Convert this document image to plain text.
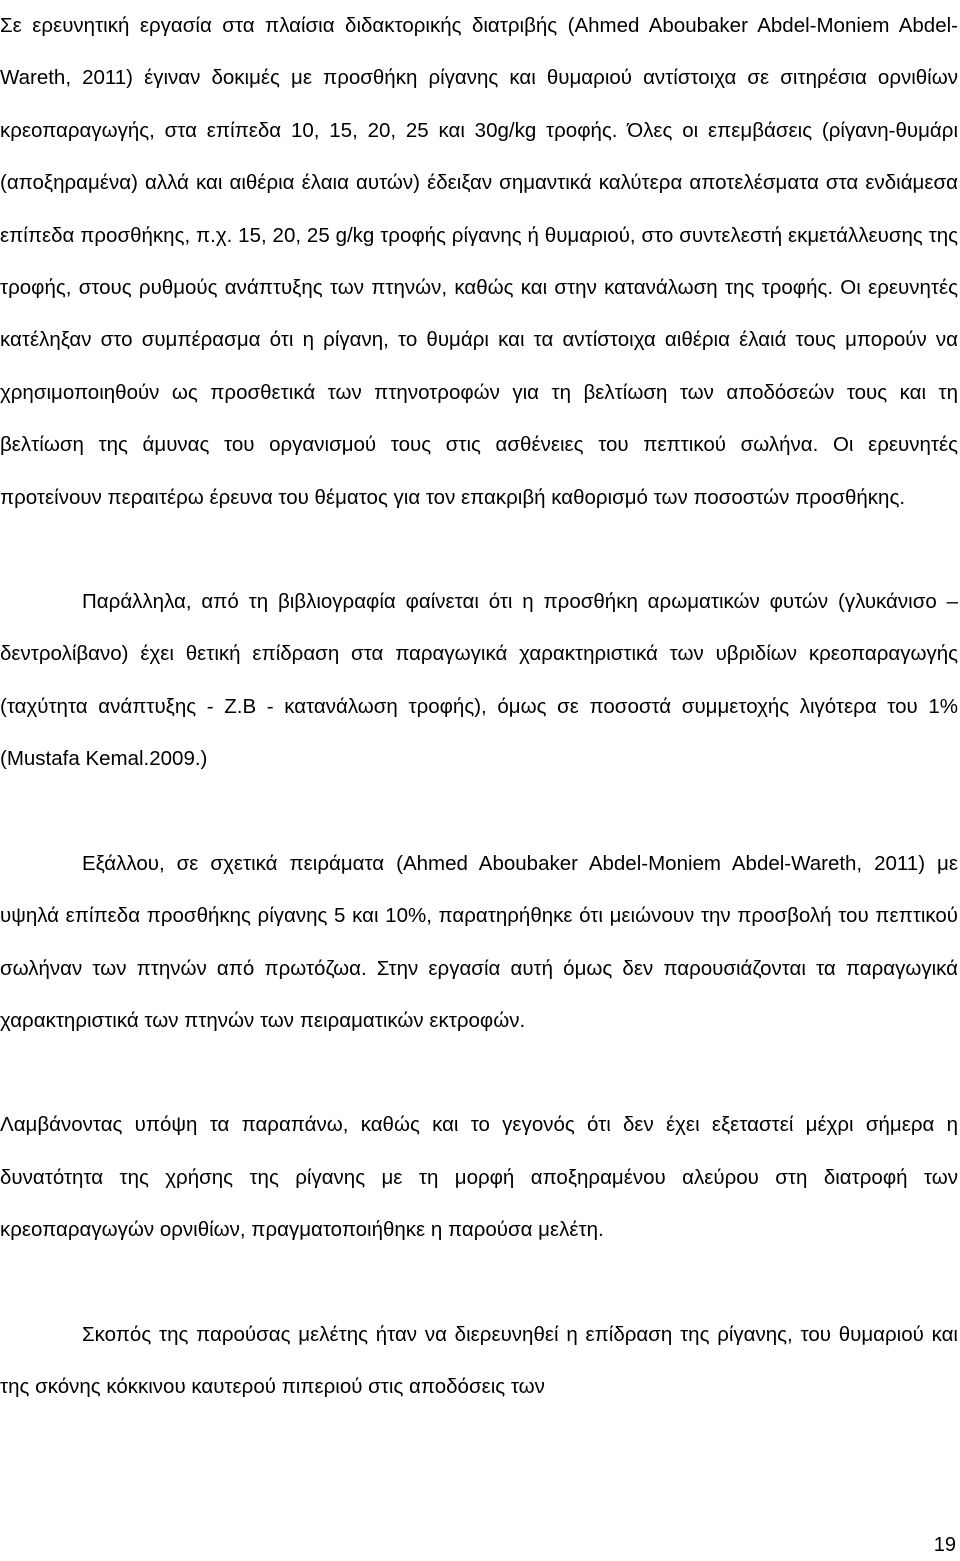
Σε ερευνητική εργασία στα πλαίσια διδακτορικής διατριβής (Ahmed Aboubaker Abdel-Moniem Abdel-Wareth, 2011) έγιναν δοκιμές με προσθήκη ρίγανης και θυμαριού αντίστοιχα σε σιτηρέσια ορνιθίων κρεοπαραγωγής, στα επίπεδα 10, 15, 20, 25 και 30g/kg τροφής. Όλες οι επεμβάσεις (ρίγανη-θυμάρι (αποξηραμένα) αλλά και αιθέρια έλαια αυτών) έδειξαν σημαντικά καλύτερα αποτελέσματα στα ενδιάμεσα επίπεδα προσθήκης, π.χ. 15, 20, 25 g/kg τροφής ρίγανης ή θυμαριού, στο συντελεστή εκμετάλλευσης της τροφής, στους ρυθμούς ανάπτυξης των πτηνών, καθώς και στην κατανάλωση της τροφής. Οι ερευνητές κατέληξαν στο συμπέρασμα ότι η ρίγανη, το θυμάρι και τα αντίστοιχα αιθέρια έλαιά τους μπορούν να χρησιμοποιηθούν ως προσθετικά των πτηνοτροφών για τη βελτίωση των αποδόσεών τους και τη βελτίωση της άμυνας του οργανισμού τους στις ασθένειες του πεπτικού σωλήνα. Οι ερευνητές προτείνουν περαιτέρω έρευνα του θέματος για τον επακριβή καθορισμό των ποσοστών προσθήκης.

Παράλληλα, από τη βιβλιογραφία φαίνεται ότι η προσθήκη αρωματικών φυτών (γλυκάνισο – δεντρολίβανο) έχει θετική επίδραση στα παραγωγικά χαρακτηριστικά των υβριδίων κρεοπαραγωγής (ταχύτητα ανάπτυξης - Ζ.Β - κατανάλωση τροφής), όμως σε ποσοστά συμμετοχής λιγότερα του 1% (Mustafa Kemal.2009.)

Εξάλλου, σε σχετικά πειράματα (Ahmed Aboubaker Abdel-Moniem Abdel-Wareth, 2011) με υψηλά επίπεδα προσθήκης ρίγανης 5 και 10%, παρατηρήθηκε ότι μειώνουν την προσβολή του πεπτικού σωλήναν των πτηνών από πρωτόζωα. Στην εργασία αυτή όμως δεν παρουσιάζονται τα παραγωγικά χαρακτηριστικά των πτηνών των πειραματικών εκτροφών.

Λαμβάνοντας υπόψη τα παραπάνω, καθώς και το γεγονός ότι δεν έχει εξεταστεί μέχρι σήμερα η δυνατότητα της χρήσης της ρίγανης με τη μορφή αποξηραμένου αλεύρου στη διατροφή των κρεοπαραγωγών ορνιθίων, πραγματοποιήθηκε η παρούσα μελέτη.

Σκοπός της παρούσας μελέτης ήταν να διερευνηθεί η επίδραση της ρίγανης, του θυμαριού και της σκόνης κόκκινου καυτερού πιπεριού στις αποδόσεις των

19
